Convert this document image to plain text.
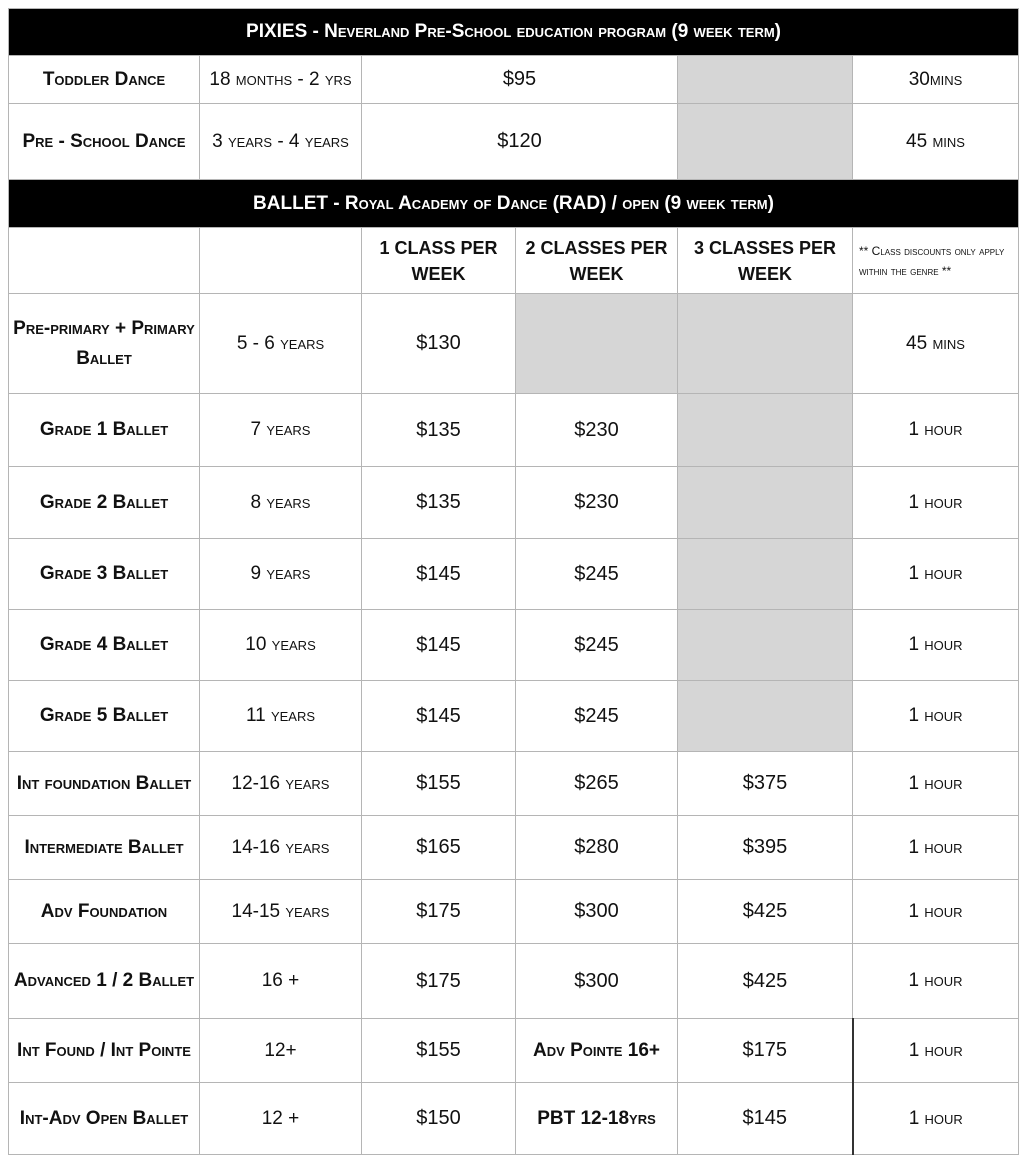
PIXIES - Neverland Pre-School education program (9 week term)					
Toddler Dance	18 months - 2 yrs	$95			30mins
Pre - School Dance	3 years - 4 years	$120			45 mins
BALLET - Royal Academy of Dance (RAD) / open (9 week term)					
		1 CLASS PER WEEK	2 CLASSES PER WEEK	3 CLASSES PER WEEK	** Class discounts only apply within the genre **
Pre-primary + Primary Ballet	5 - 6 years	$130			45 mins
Grade 1 Ballet	7 years	$135	$230		1 hour
Grade 2 Ballet	8 years	$135	$230		1 hour
Grade 3 Ballet	9 years	$145	$245		1 hour
Grade 4 Ballet	10 years	$145	$245		1 hour
Grade 5 Ballet	11 years	$145	$245		1 hour
Int foundation Ballet	12-16 years	$155	$265	$375	1 hour
Intermediate Ballet	14-16 years	$165	$280	$395	1 hour
Adv Foundation	14-15 years	$175	$300	$425	1 hour
Advanced 1 / 2 Ballet	16 +	$175	$300	$425	1 hour
Int Found / Int Pointe	12+	$155	Adv Pointe 16+	$175	1 hour
Int-Adv Open Ballet	12 +	$150	PBT 12-18yrs	$145	1 hour
